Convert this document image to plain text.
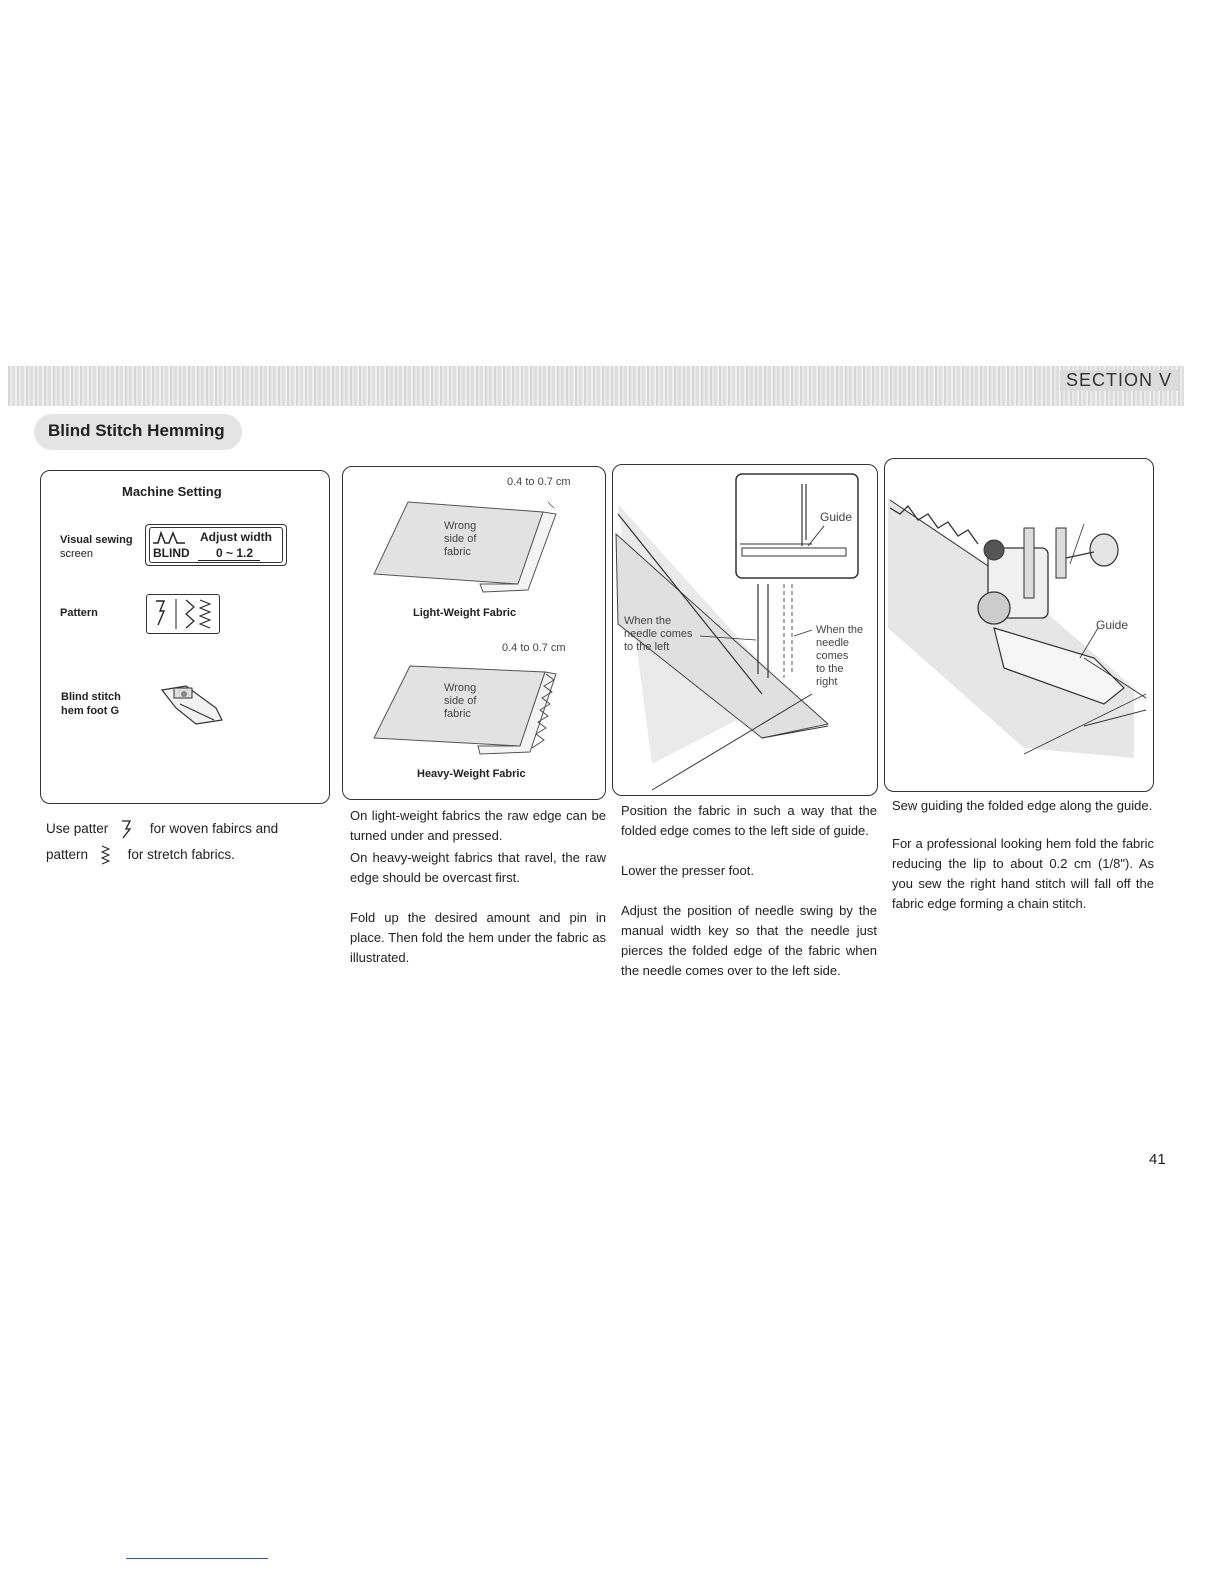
SECTION V
Blind Stitch Hemming
Machine Setting
Visual sewing
screen
Adjust width
BLIND 0 ~ 1.2
Pattern
Blind stitch
hem foot G
0.4 to 0.7 cm
Wrong
side of
fabric
Light-Weight Fabric
0.4 to 0.7 cm
Wrong
side of
fabric
Heavy-Weight Fabric
Guide
When the
needle comes
to the left
When the
needle
comes
to the
right
Guide
Use patter	for woven fabircs and
pattern	for stretch fabrics.
On light-weight fabrics the raw edge can be turned under and pressed.
On heavy-weight fabrics that ravel, the raw edge should be overcast first.
Fold up the desired amount and pin in place. Then fold the hem under the fabric as illustrated.
Position the fabric in such a way that the folded edge comes to the left side of guide.
Lower the presser foot.
Adjust the position of needle swing by the manual width key so that the needle just pierces the folded edge of the fabric when the needle comes over to the left side.
Sew guiding the folded edge along the guide.
For a professional looking hem fold the fabric reducing the lip to about 0.2 cm (1/8"). As you sew the right hand stitch will fall off the fabric edge forming a chain stitch.
41
